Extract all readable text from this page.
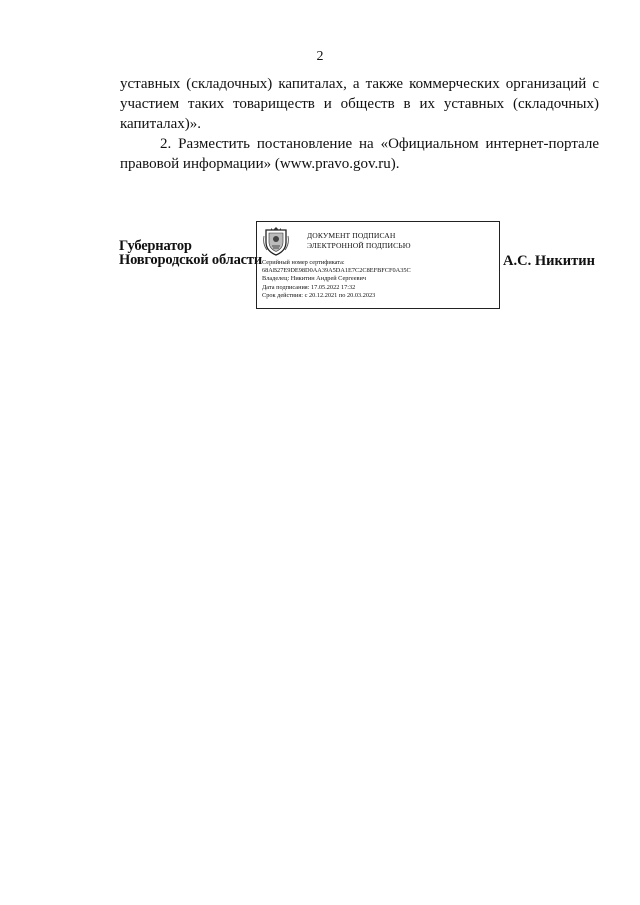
2

уставных (складочных) капиталах, а также коммерческих организаций с
участием таких товариществ и обществ в их уставных (складочных)
капиталах)».

2. Разместить постановление на «Официальном интернет-портале
правовой информации» (www.pravo.gov.ru).

Губернатор
Новгородской области
ДОКУМЕНТ ПОДПИСАН
ЭЛЕКТРОННОЙ ПОДПИСЬЮ
Серийный номер сертификата:
68AB27E9DE98D0AA39A5DA1E7C2C8EFBFCF0A35C
Владелец: Никитин Андрей Сергеевич
Дата подписания: 17.05.2022 17:32
Срок действия: с 20.12.2021 по 20.03.2023
А.С. Никитин
